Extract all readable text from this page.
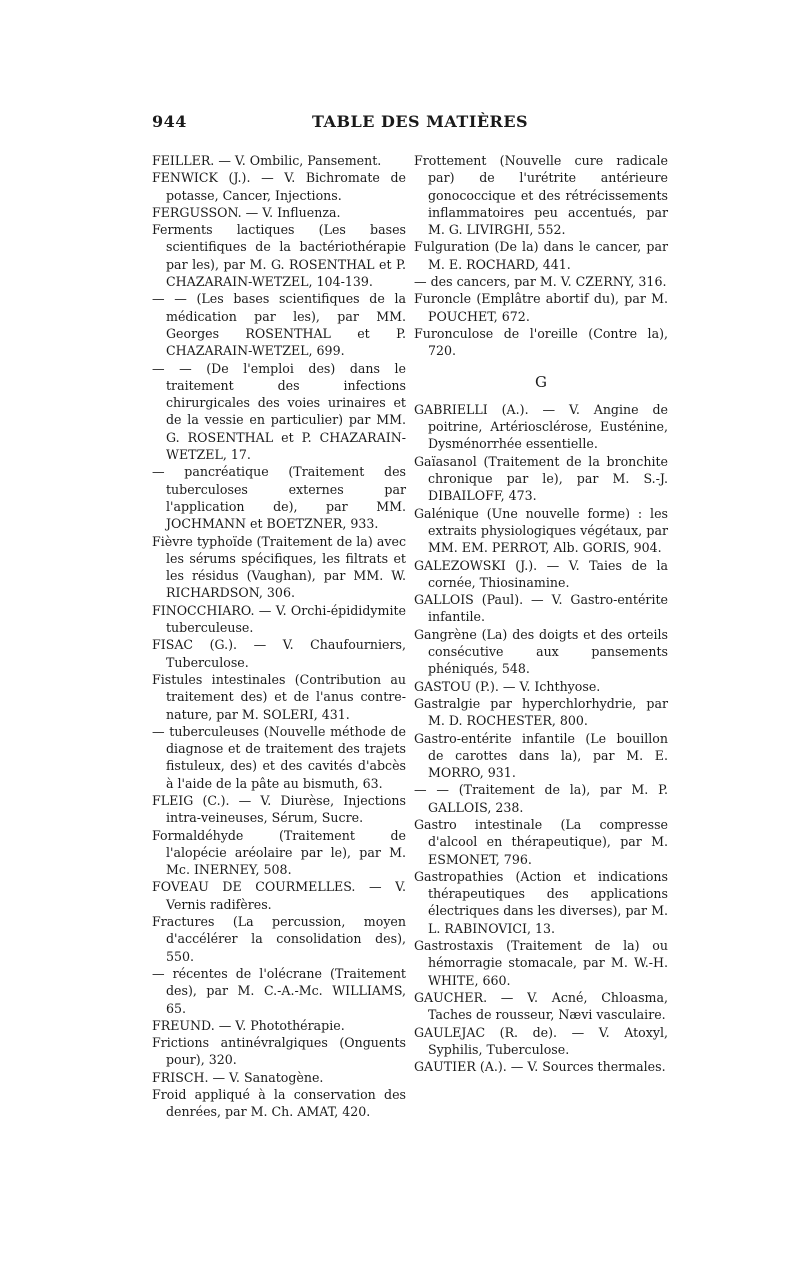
944	TABLE DES MATIÈRES

FEILLER. — V. Ombilic, Pansement.

FENWICK (J.). — V. Bichromate de potasse, Cancer, Injections.

FERGUSSON. — V. Influenza.

Ferments lactiques (Les bases scientifiques de la bactériothérapie par les), par M. G. ROSENTHAL et P. CHAZARAIN-WETZEL, 104-139.

— — (Les bases scientifiques de la médication par les), par MM. Georges ROSENTHAL et P. CHAZARAIN-WETZEL, 699.

— — (De l'emploi des) dans le traitement des infections chirurgicales des voies urinaires et de la vessie en particulier) par MM. G. ROSENTHAL et P. CHAZARAIN-WETZEL, 17.

— pancréatique (Traitement des tuberculoses externes par l'application de), par MM. JOCHMANN et BOETZNER, 933.

Fièvre typhoïde (Traitement de la) avec les sérums spécifiques, les filtrats et les résidus (Vaughan), par MM. W. RICHARDSON, 306.

FINOCCHIARO. — V. Orchi-épididymite tuberculeuse.

FISAC (G.). — V. Chaufourniers, Tuberculose.

Fistules intestinales (Contribution au traitement des) et de l'anus contre-nature, par M. SOLERI, 431.

— tuberculeuses (Nouvelle méthode de diagnose et de traitement des trajets fistuleux, des) et des cavités d'abcès à l'aide de la pâte au bismuth, 63.

FLEIG (C.). — V. Diurèse, Injections intra-veineuses, Sérum, Sucre.

Formaldéhyde (Traitement de l'alopécie aréolaire par le), par M. Mc. INERNEY, 508.

FOVEAU DE COURMELLES. — V. Vernis radifères.

Fractures (La percussion, moyen d'accélérer la consolidation des), 550.

— récentes de l'olécrane (Traitement des), par M. C.-A.-Mc. WILLIAMS, 65.

FREUND. — V. Photothérapie.

Frictions antinévralgiques (Onguents pour), 320.

FRISCH. — V. Sanatogène.

Froid appliqué à la conservation des denrées, par M. Ch. AMAT, 420.

Frottement (Nouvelle cure radicale par) de l'urétrite antérieure gonococcique et des rétrécissements inflammatoires peu accentués, par M. G. LIVIRGHI, 552.

Fulguration (De la) dans le cancer, par M. E. ROCHARD, 441.

— des cancers, par M. V. CZERNY, 316.

Furoncle (Emplâtre abortif du), par M. POUCHET, 672.

Furonculose de l'oreille (Contre la), 720.

G

GABRIELLI (A.). — V. Angine de poitrine, Artériosclérose, Eusténine, Dysménorrhée essentielle.

Gaïasanol (Traitement de la bronchite chronique par le), par M. S.-J. DIBAILOFF, 473.

Galénique (Une nouvelle forme) : les extraits physiologiques végétaux, par MM. EM. PERROT, Alb. GORIS, 904.

GALEZOWSKI (J.). — V. Taies de la cornée, Thiosinamine.

GALLOIS (Paul). — V. Gastro-entérite infantile.

Gangrène (La) des doigts et des orteils consécutive aux pansements phéniqués, 548.

GASTOU (P.). — V. Ichthyose.

Gastralgie par hyperchlorhydrie, par M. D. ROCHESTER, 800.

Gastro-entérite infantile (Le bouillon de carottes dans la), par M. E. MORRO, 931.

— — (Traitement de la), par M. P. GALLOIS, 238.

Gastro intestinale (La compresse d'alcool en thérapeutique), par M. ESMONET, 796.

Gastropathies (Action et indications thérapeutiques des applications électriques dans les diverses), par M. L. RABINOVICI, 13.

Gastrostaxis (Traitement de la) ou hémorragie stomacale, par M. W.-H. WHITE, 660.

GAUCHER. — V. Acné, Chloasma, Taches de rousseur, Nævi vasculaire.

GAULEJAC (R. de). — V. Atoxyl, Syphilis, Tuberculose.

GAUTIER (A.). — V. Sources thermales.
